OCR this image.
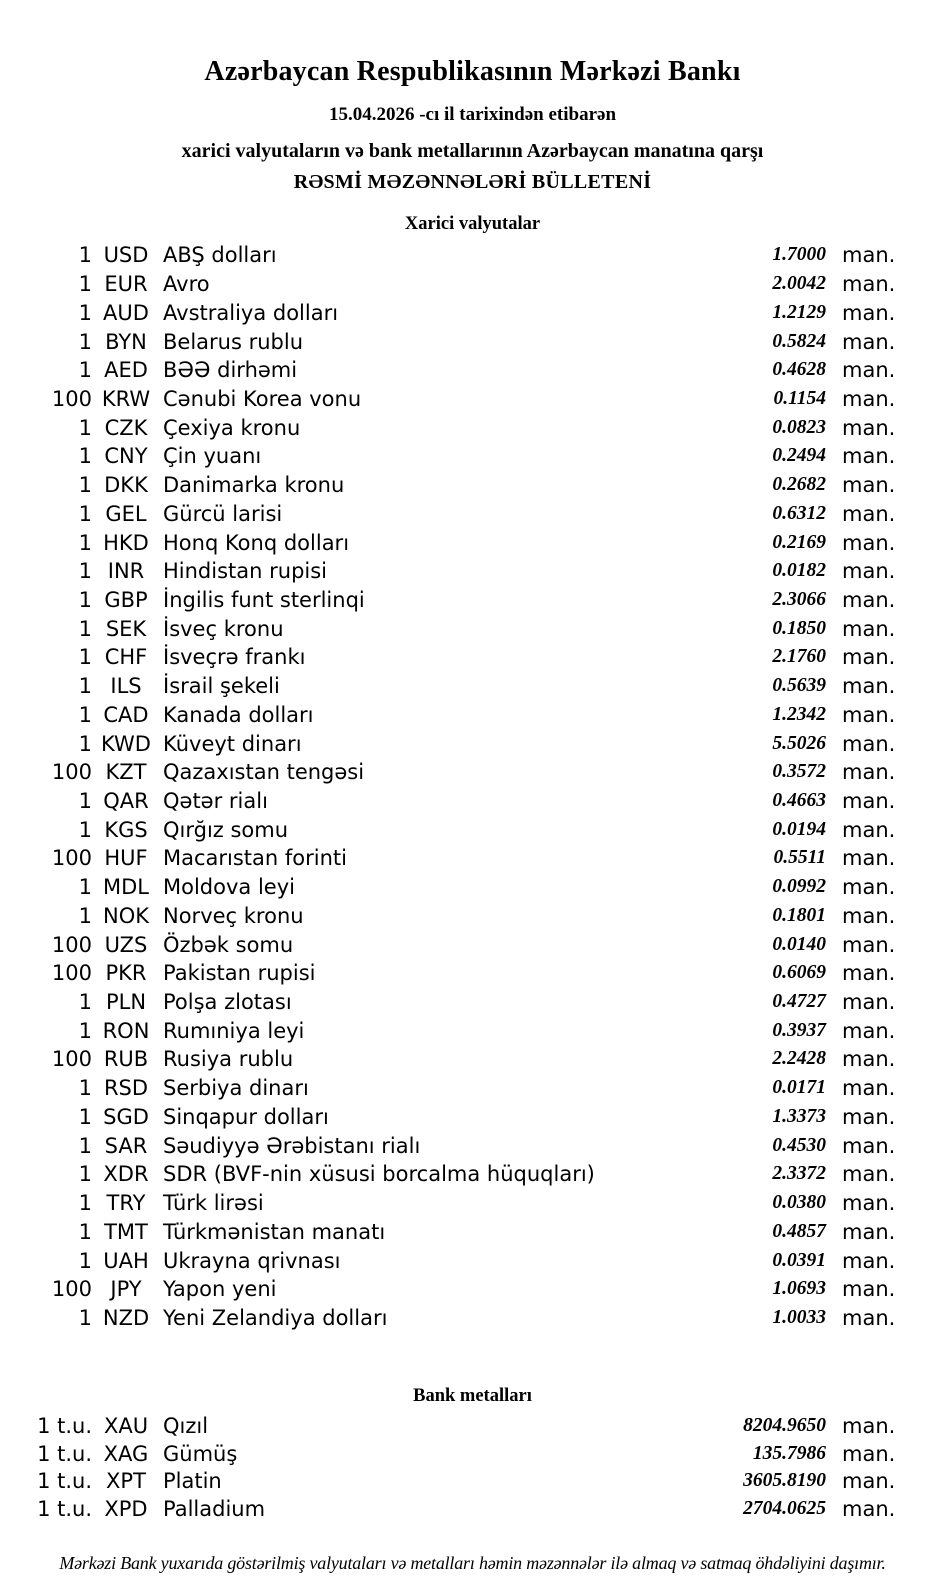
Azərbaycan Respublikasının Mərkəzi Bankı
15.04.2026 -cı il tarixindən etibarən
xarici valyutaların və bank metallarının Azərbaycan manatına qarşı
RƏSMİ MƏZƏNNƏLƏRİ BÜLLETENİ
Xarici valyutalar
1 USD ABŞ dolları	1.7000 man.
1 EUR Avro	2.0042 man.
1 AUD Avstraliya dolları	1.2129 man.
1 BYN Belarus rublu	0.5824 man.
1 AED BƏƏ dirhəmi	0.4628 man.
100 KRW Cənubi Korea vonu	0.1154 man.
1 CZK Çexiya kronu	0.0823 man.
1 CNY Çin yuanı	0.2494 man.
1 DKK Danimarka kronu	0.2682 man.
1 GEL Gürcü larisi	0.6312 man.
1 HKD Honq Konq dolları	0.2169 man.
1 INR Hindistan rupisi	0.0182 man.
1 GBP İngilis funt sterlinqi	2.3066 man.
1 SEK İsveç kronu	0.1850 man.
1 CHF İsveçrə frankı	2.1760 man.
1 ILS	İsrail şekeli	0.5639 man.
1 CAD Kanada dolları	1.2342 man.
1 KWD Küveyt dinarı	5.5026 man.
100 KZT Qazaxıstan tengəsi	0.3572 man.
1 QAR Qətər rialı	0.4663 man.
1 KGS Qırğız somu	0.0194 man.
100 HUF Macarıstan forinti	0.5511 man.
1 MDL Moldova leyi	0.0992 man.
1 NOK Norveç kronu	0.1801 man.
100 UZS Özbək somu	0.0140 man.
100 PKR Pakistan rupisi	0.6069 man.
1 PLN Polşa zlotası	0.4727 man.
1 RON Rumıniya leyi	0.3937 man.
100 RUB Rusiya rublu	2.2428 man.
1 RSD Serbiya dinarı	0.0171 man.
1 SGD Sinqapur dolları	1.3373 man.
1 SAR Səudiyyə Ərəbistanı rialı	0.4530 man.
1 XDR SDR (BVF-nin xüsusi borcalma hüquqları)	2.3372 man.
1 TRY Türk lirəsi	0.0380 man.
1 TMT Türkmənistan manatı	0.4857 man.
1 UAH Ukrayna qrivnası	0.0391 man.
100 JPY	Yapon yeni	1.0693 man.
1 NZD Yeni Zelandiya dolları	1.0033 man.
Bank metalları
1 t.u. XAU Qızıl	8204.9650 man.
1 t.u. XAG Gümüş	135.7986 man.
1 t.u. XPT Platin	3605.8190 man.
1 t.u. XPD Palladium	2704.0625 man.
Mərkəzi Bank yuxarıda göstərilmiş valyutaları və metalları həmin məzənnələr ilə almaq və satmaq öhdəliyini daşımır.
